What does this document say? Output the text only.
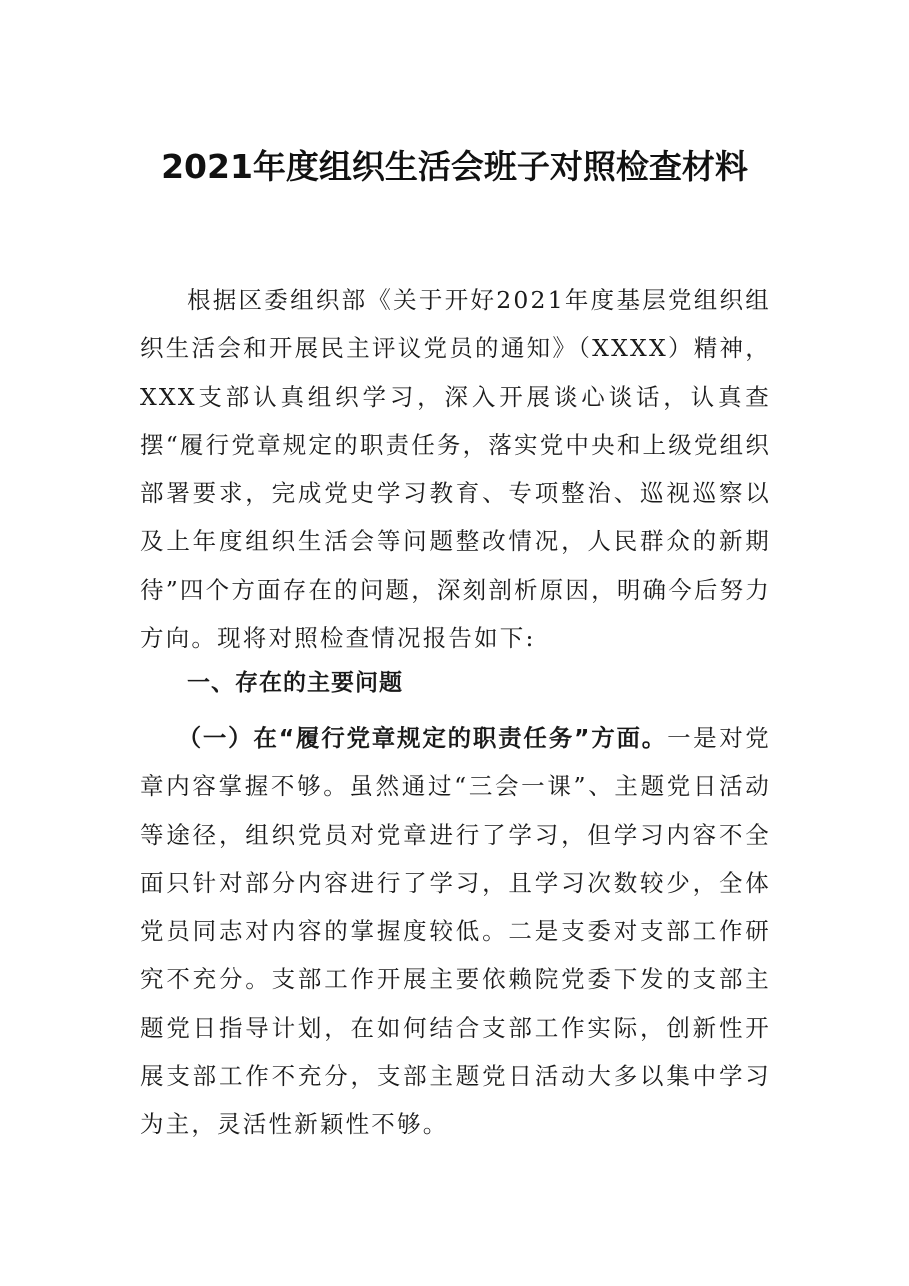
2021年度组织生活会班子对照检查材料
根据区委组织部《关于开好2021年度基层党组织组织生活会和开展民主评议党员的通知》（XXXX）精神，XXX支部认真组织学习，深入开展谈心谈话，认真查摆“履行党章规定的职责任务，落实党中央和上级党组织部署要求，完成党史学习教育、专项整治、巡视巡察以及上年度组织生活会等问题整改情况，人民群众的新期待”四个方面存在的问题，深刻剖析原因，明确今后努力方向。现将对照检查情况报告如下:
一、存在的主要问题
（一）在“履行党章规定的职责任务”方面。一是对党章内容掌握不够。虽然通过“三会一课”、主题党日活动等途径，组织党员对党章进行了学习，但学习内容不全面只针对部分内容进行了学习，且学习次数较少，全体党员同志对内容的掌握度较低。二是支委对支部工作研究不充分。支部工作开展主要依赖院党委下发的支部主题党日指导计划，在如何结合支部工作实际，创新性开展支部工作不充分，支部主题党日活动大多以集中学习为主，灵活性新颖性不够。
